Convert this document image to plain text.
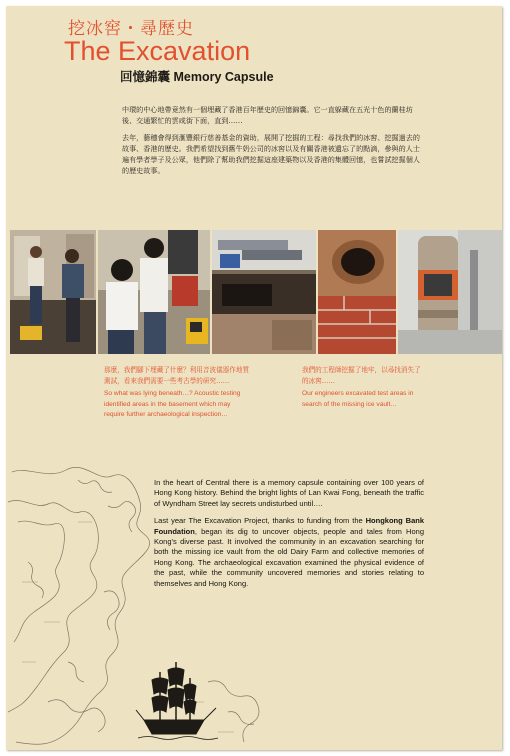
挖冰窖・尋歷史
The Excavation
回憶錦囊 Memory Capsule

中環的中心地帶竟然有一個埋藏了香港百年歷史的回憶錦囊。它一直躲藏在五光十色的蘭桂坊後、交通繁忙的雲咸街下面，直到……

去年，藝穗會得到滙豐銀行慈善基金的資助，展開了挖掘的工程：尋找我們的冰窖、挖掘過去的故事、香港的歷史。我們希望找到舊牛奶公司的冰窖以及有關香港被遺忘了的點滴，參與的人士遍有學者學子及公眾，他們除了幫助我們挖掘這座建築物以及香港的集體回憶，也嘗試挖掘個人的歷史故事。

那麼，我們腳下埋藏了什麼？利用音波儀器作地質測試，看來我們需要一些考古學的研究……
So what was lying beneath…? Acoustic testing identified areas in the basement which may require further archaeological inspection…
我們的工程師挖掘了地牢，以尋找消失了的冰窖……
Our engineers excavated test areas in search of the missing ice vault…

In the heart of Central there is a memory capsule containing over 100 years of Hong Kong history. Behind the bright lights of Lan Kwai Fong, beneath the traffic of Wyndham Street lay secrets undisturbed until….

Last year The Excavation Project, thanks to funding from the Hongkong Bank Foundation, began its dig to uncover objects, people and tales from Hong Kong's diverse past. It involved the community in an excavation searching for both the missing ice vault from the old Dairy Farm and collective memories of Hong Kong. The archaeological excavation examined the physical evidence of the past, while the community uncovered memories and stories relating to themselves and Hong Kong.
